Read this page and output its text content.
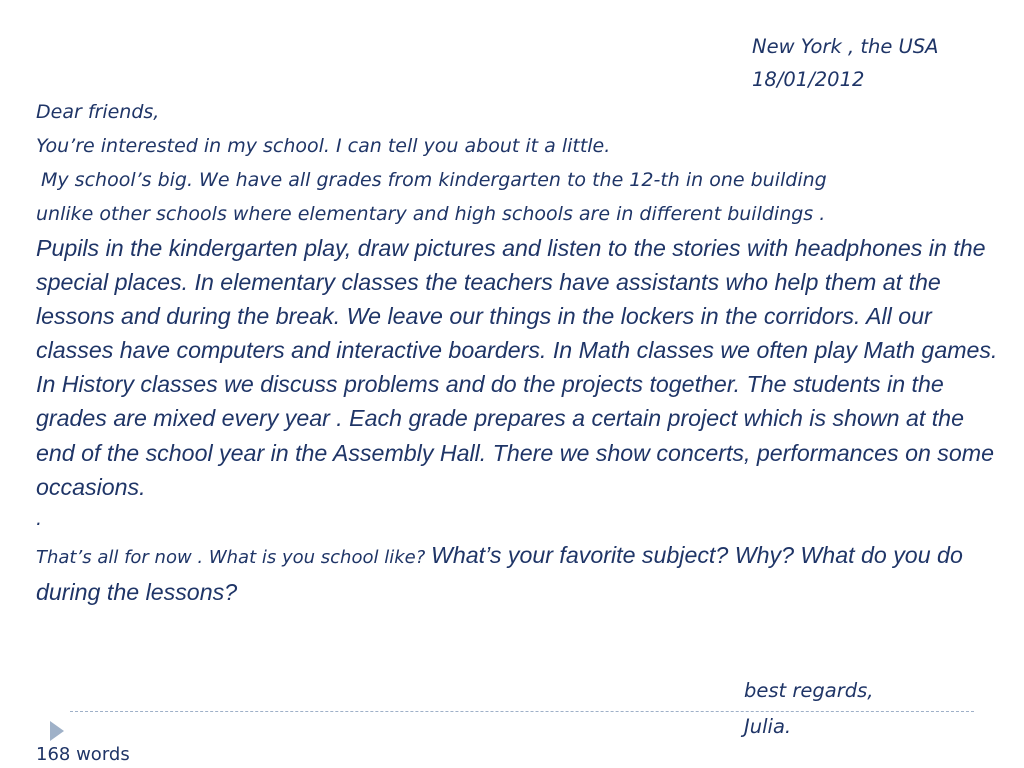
New York , the USA
18/01/2012
Dear friends,
You’re interested in my school. I can tell you about it a little.
My school’s big. We have all grades from kindergarten to the 12-th in one building
unlike other schools where elementary and high schools are in different buildings .

Pupils in the kindergarten play, draw pictures and listen to the stories with headphones in the special places. In elementary classes the teachers have assistants who help them at the lessons and during the break. We leave our things in the lockers in the corridors. All our classes have computers and interactive boarders. In Math classes we often play Math games. In History classes we discuss problems and do the projects together. The students in the grades are mixed every year . Each grade prepares a certain project which is shown at the end of the school year in the Assembly Hall. There we show concerts, performances on some occasions.

.

That’s all for now . What is you school like? What’s your favorite subject? Why? What do you do during the lessons?

best regards,
Julia.
168 words
